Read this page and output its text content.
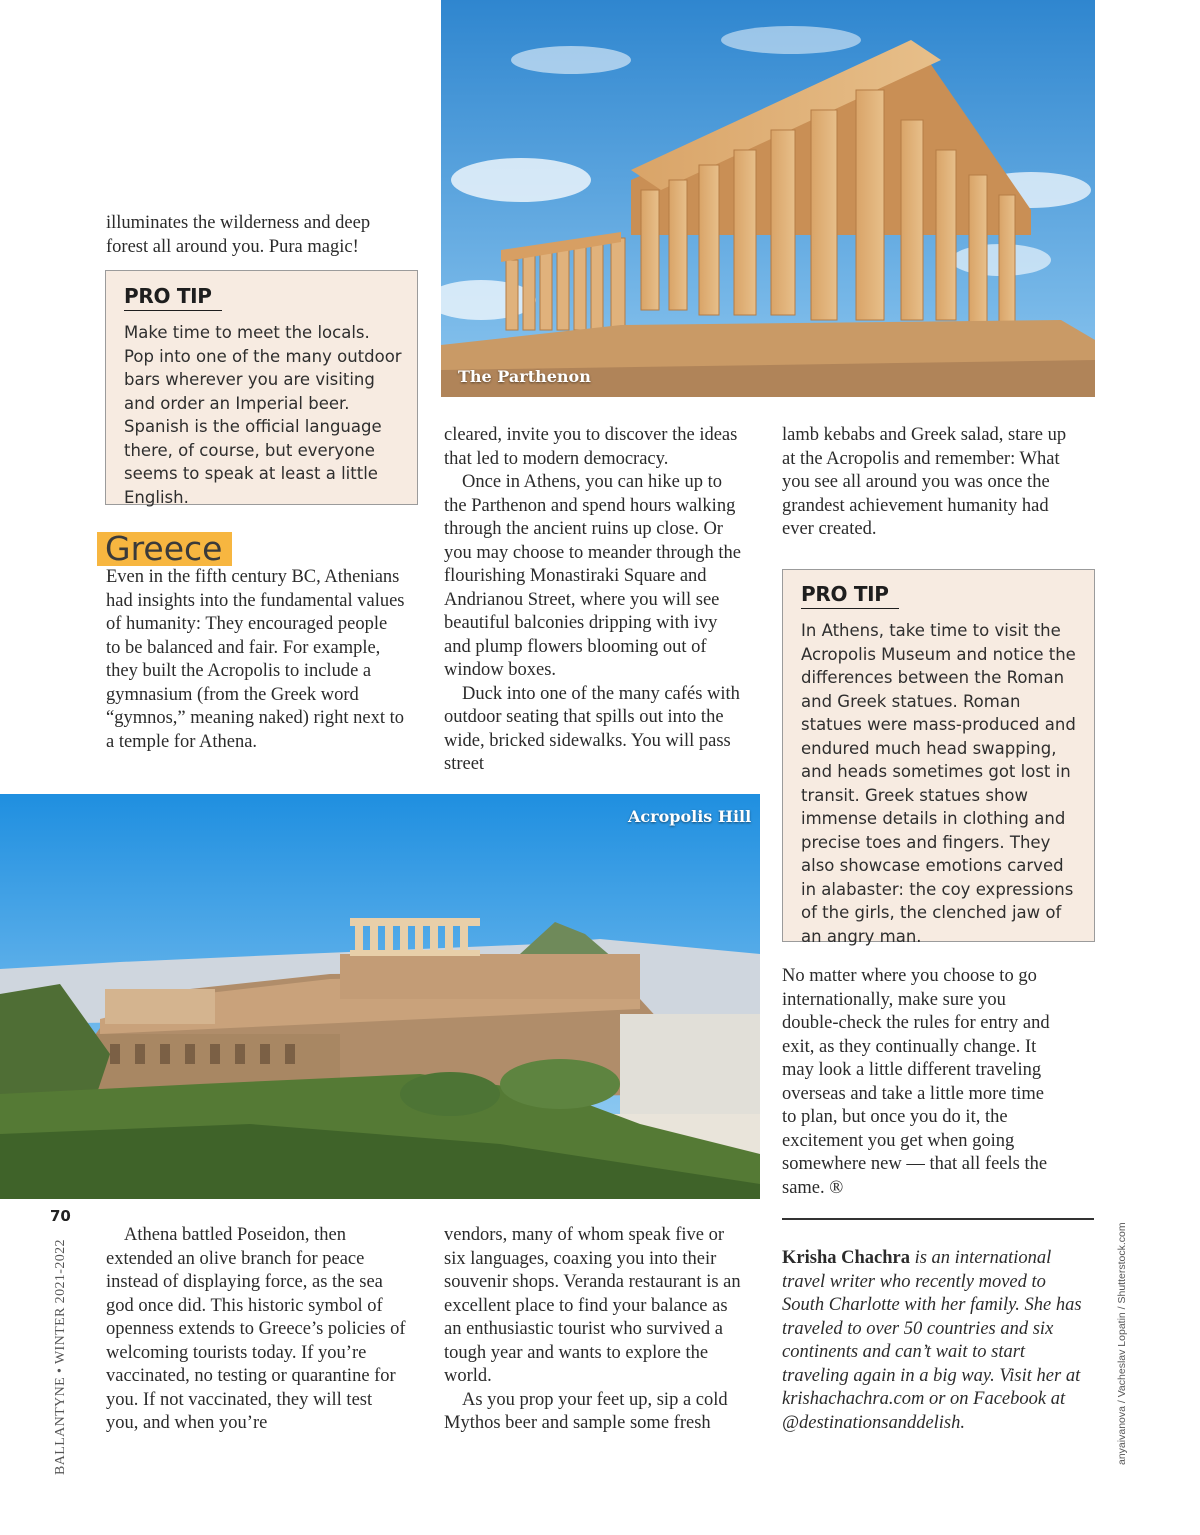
illuminates the wilderness and deep forest all around you. Pura magic!
PRO TIP
Make time to meet the locals. Pop into one of the many outdoor bars wherever you are visiting and order an Imperial beer. Spanish is the official language there, of course, but everyone seems to speak at least a little English.
Greece
Even in the fifth century BC, Athenians had insights into the fundamental values of humanity: They encouraged people to be balanced and fair. For example, they built the Acropolis to include a gymnasium (from the Greek word “gymnos,” meaning naked) right next to a temple for Athena.
The Parthenon

cleared, invite you to discover the ideas that led to modern democracy.

Once in Athens, you can hike up to the Parthenon and spend hours walking through the ancient ruins up close. Or you may choose to meander through the flourishing Monastiraki Square and Andrianou Street, where you will see beautiful balconies dripping with ivy and plump flowers blooming out of window boxes.

Duck into one of the many cafés with outdoor seating that spills out into the wide, bricked sidewalks. You will pass street

lamb kebabs and Greek salad, stare up at the Acropolis and remember: What you see all around you was once the grandest achievement humanity had ever created.
PRO TIP
In Athens, take time to visit the Acropolis Museum and notice the differences between the Roman and Greek statues. Roman statues were mass-produced and endured much head swapping, and heads sometimes got lost in transit. Greek statues show immense details in clothing and precise toes and fingers. They also showcase emotions carved in alabaster: the coy expressions of the girls, the clenched jaw of an angry man.
Acropolis Hill
No matter where you choose to go internationally, make sure you double-check the rules for entry and exit, as they continually change. It may look a little different traveling overseas and take a little more time to plan, but once you do it, the excitement you get when going somewhere new — that all feels the same. ®
Krisha Chachra is an international travel writer who recently moved to South Charlotte with her family. She has traveled to over 50 countries and six continents and can’t wait to start traveling again in a big way. Visit her at krishachachra.com or on Facebook at @destinationsanddelish.

Athena battled Poseidon, then extended an olive branch for peace instead of displaying force, as the sea god once did. This historic symbol of openness extends to Greece’s policies of welcoming tourists today. If you’re vaccinated, no testing or quarantine for you. If not vaccinated, they will test you, and when you’re

vendors, many of whom speak five or six languages, coaxing you into their souvenir shops. Veranda restaurant is an excellent place to find your balance as an enthusiastic tourist who survived a tough year and wants to explore the world.

As you prop your feet up, sip a cold Mythos beer and sample some fresh

70
BALLANTYNE • WINTER 2021-2022	anyaivanova / Vacheslav Lopatin / Shutterstock.com
